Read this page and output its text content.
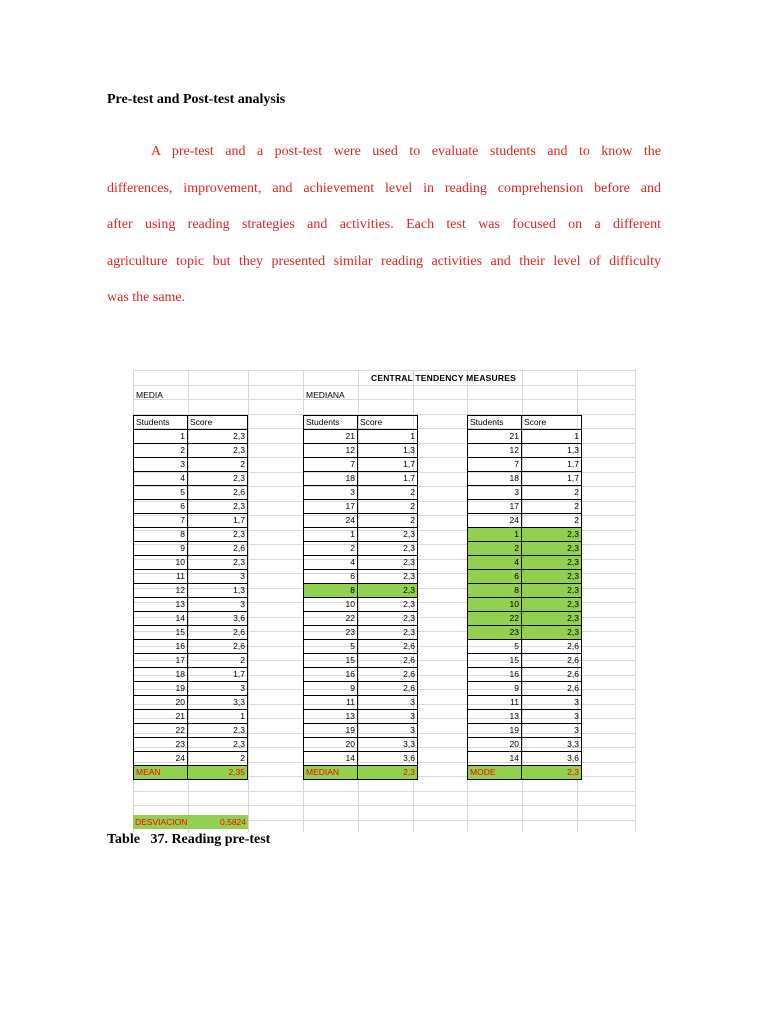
Pre-test and Post-test analysis
A pre-test and a post-test were used to evaluate students and to know the
differences, improvement, and achievement level in reading comprehension before and
after using reading strategies and activities. Each test was focused on a different
agriculture topic but they presented similar reading activities and their level of difficulty
was the same.
CENTRAL TENDENCY MEASURES
MEDIA	MEDIANA
Students	Score
1	2,3
2	2,3
3	2
4	2,3
5	2,6
6	2,3
7	1,7
8	2,3
9	2,6
10	2,3
11	3
12	1,3
13	3
14	3,6
15	2,6
16	2,6
17	2
18	1,7
19	3
20	3,3
21	1
22	2,3
23	2,3
24	2
MEAN	2,35
Students	Score
21	1
12	1,3
7	1,7
18	1,7
3	2
17	2
24	2
1	2,3
2	2,3
4	2,3
6	2,3
8	2,3
10	2,3
22	2,3
23	2,3
5	2,6
15	2,6
16	2,6
9	2,6
11	3
13	3
19	3
20	3,3
14	3,6
MEDIAN	2,3
Students	Score
21	1
12	1,3
7	1,7
18	1,7
3	2
17	2
24	2
1	2,3
2	2,3
4	2,3
6	2,3
8	2,3
10	2,3
22	2,3
23	2,3
5	2,6
15	2,6
16	2,6
9	2,6
11	3
13	3
19	3
20	3,3
14	3,6
MODE	2,3
DESVIACION	0,5824
Table   37. Reading pre-test
